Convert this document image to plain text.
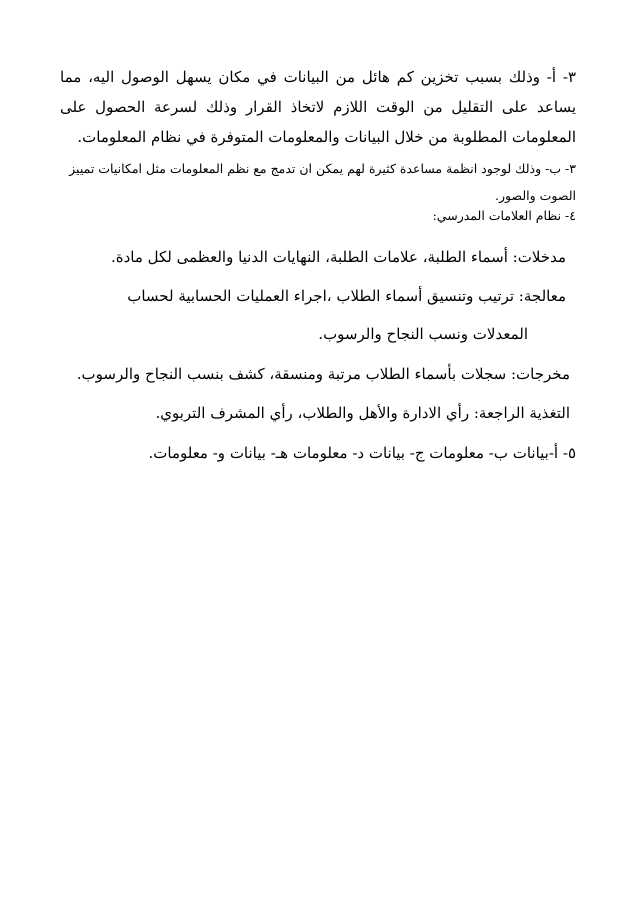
٣- أ- وذلك بسبب تخزين كم هائل من البيانات في مكان يسهل الوصول اليه، مما يساعد على التقليل من الوقت اللازم لاتخاذ القرار وذلك لسرعة الحصول على المعلومات المطلوبة من خلال البيانات والمعلومات المتوفرة في نظام المعلومات.

٣- ب- وذلك لوجود انظمة مساعدة كثيرة لهم يمكن ان تدمج مع نظم المعلومات مثل امكانيات تمييز الصوت والصور.

٤- نظام العلامات المدرسي:

مدخلات: أسماء الطلبة، علامات الطلبة، النهايات الدنيا والعظمى لكل مادة.

معالجة: ترتيب وتنسيق أسماء الطلاب ،اجراء العمليات الحسابية لحساب

المعدلات ونسب النجاح والرسوب.

مخرجات: سجلات بأسماء الطلاب مرتبة ومنسقة، كشف بنسب النجاح والرسوب.

التغذية الراجعة: رأي الادارة والأهل والطلاب، رأي المشرف التربوي.

٥- أ-بيانات ب- معلومات ج- بيانات د- معلومات هـ- بيانات و- معلومات.
